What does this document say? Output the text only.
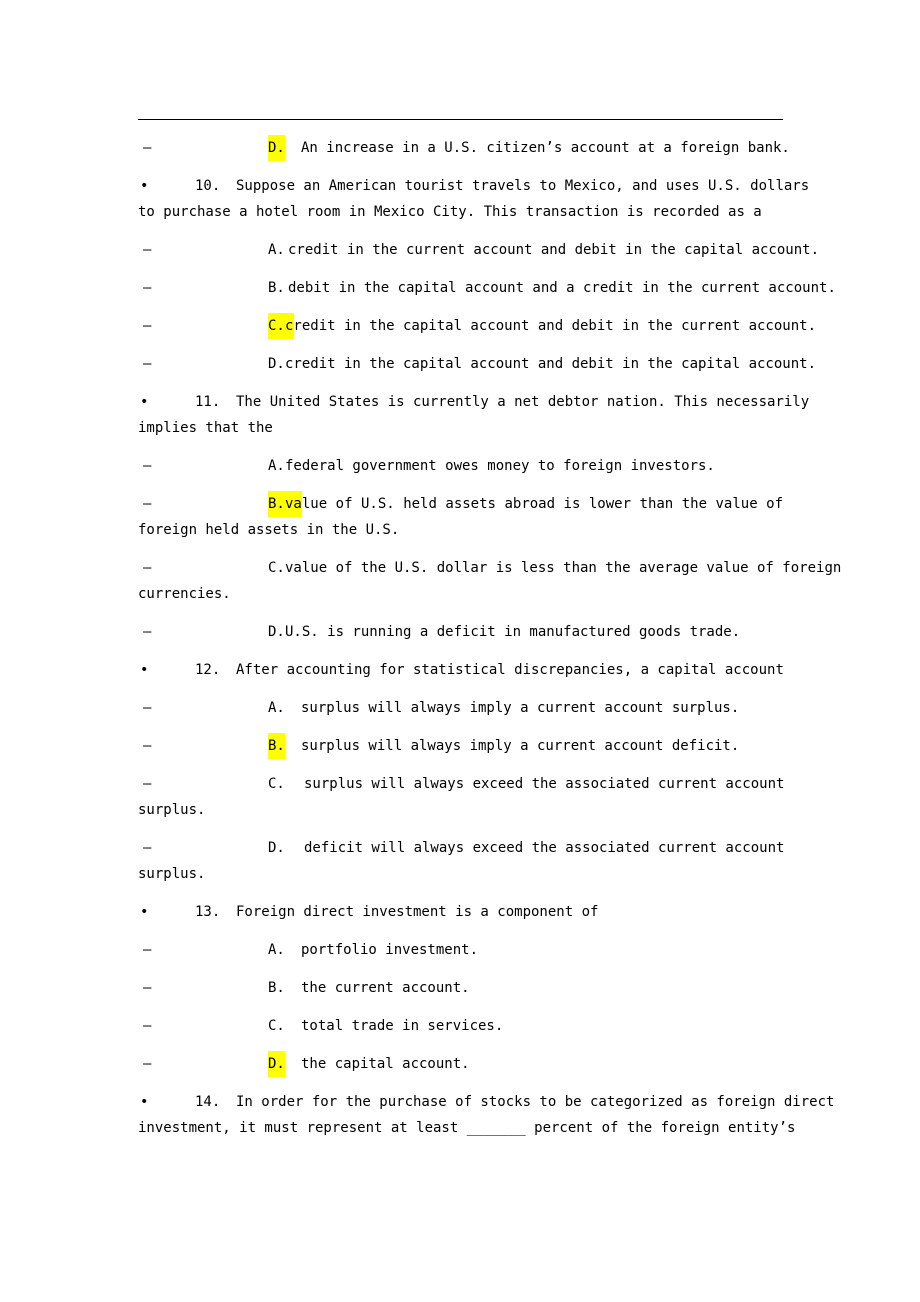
–	D. An increase in a U.S. citizen’s account at a foreign bank.
•	10. Suppose an American tourist travels to Mexico, and uses U.S. dollars
to purchase a hotel room in Mexico City. This transaction is recorded as a
–	A. credit in the current account and debit in the capital account.
–	B. debit in the capital account and a credit in the current account.
–	C. credit in the capital account and debit in the current account.
–	D. credit in the capital account and debit in the capital account.
•	11. The United States is currently a net debtor nation. This necessarily
implies that the
–	A. federal government owes money to foreign investors.
–	B. value of U.S. held assets abroad is lower than the value of
foreign held assets in the U.S.
–	C. value of the U.S. dollar is less than the average value of foreign
currencies.
–	D. U.S. is running a deficit in manufactured goods trade.
•	12. After accounting for statistical discrepancies, a capital account
–	A. surplus will always imply a current account surplus.
–	B. surplus will always imply a current account deficit.
–	C. surplus will always exceed the associated current account
surplus.
–	D. deficit will always exceed the associated current account
surplus.
•	13. Foreign direct investment is a component of
–	A. portfolio investment.
–	B. the current account.
–	C. total trade in services.
–	D. the capital account.
•	14. In order for the purchase of stocks to be categorized as foreign direct
investment, it must represent at least _______ percent of the foreign entity’s
